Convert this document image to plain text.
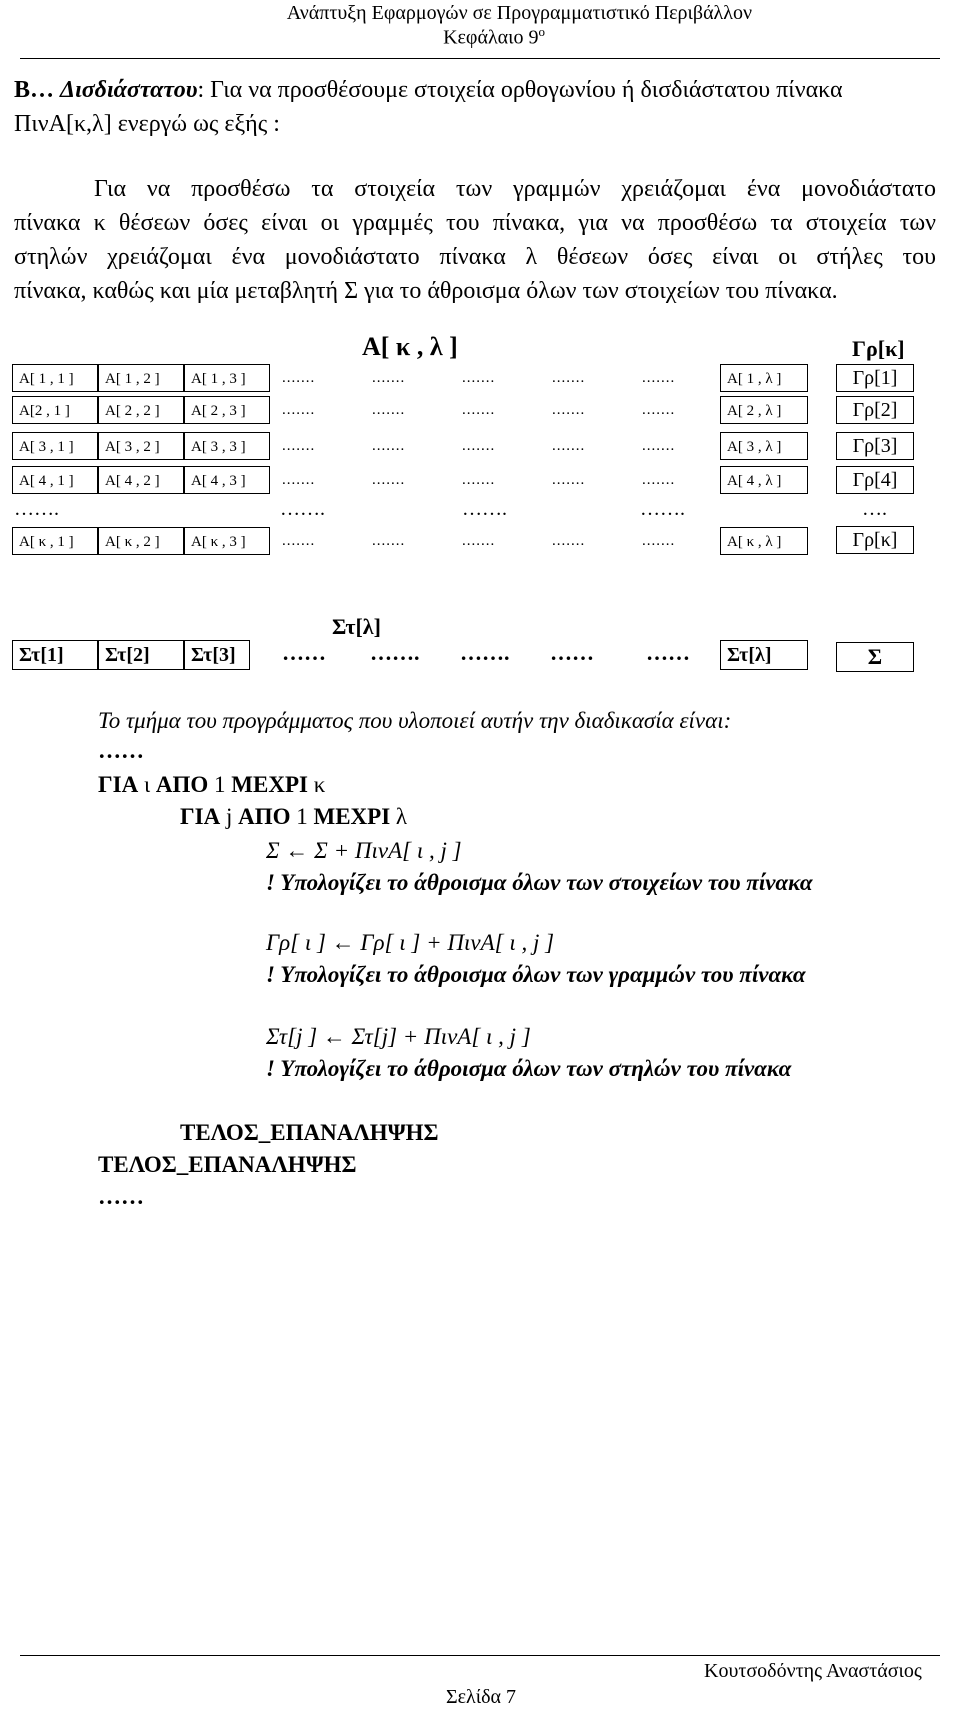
Ανάπτυξη Εφαρμογών σε Προγραμματιστικό Περιβάλλον
Κεφάλαιο $9^o$
Β… Δισδιάστατου: Για να προσθέσουμε στοιχεία ορθογωνίου ή δισδιάστατου πίνακα
ΠινΑ[κ,λ] ενεργώ ως εξής :
Για να προσθέσω τα στοιχεία των γραμμών χρειάζομαι ένα μονοδιάστατο
πίνακα κ θέσεων όσες είναι οι γραμμές του πίνακα, για να προσθέσω τα στοιχεία των
στηλών χρειάζομαι ένα μονοδιάστατο πίνακα λ θέσεων όσες είναι οι στήλες του
πίνακα, καθώς και μία μεταβλητή Σ για το άθροισμα όλων των στοιχείων του πίνακα.
Α[ κ , λ ]	Γρ[κ]
Α[ 1 , 1 ]	Α[ 1 , 2 ]	Α[ 1 , 3 ]	.......	.......	.......	.......	.......	Α[ 1 , λ ]	Γρ[1]
Α[2 , 1 ]	Α[ 2 , 2 ]	Α[ 2 , 3 ]	.......	.......	.......	.......	.......	Α[ 2 , λ ]	Γρ[2]
Α[ 3 , 1 ]	Α[ 3 , 2 ]	Α[ 3 , 3 ]	.......	.......	.......	.......	.......	Α[ 3 , λ ]	Γρ[3]
Α[ 4 , 1 ]	Α[ 4 , 2 ]	Α[ 4 , 3 ]	.......	.......	.......	.......	.......	Α[ 4 , λ ]	Γρ[4]
…….	…….	…….	…….	….
Α[ κ , 1 ]	Α[ κ , 2 ]	Α[ κ , 3 ]	.......	.......	.......	.......	.......	Α[ κ , λ ]	Γρ[κ]
Στ[λ]
Στ[1]	Στ[2]	Στ[3]	…… ……. ……. …… ……	Στ[λ]	Σ
Το τμήμα του προγράμματος που υλοποιεί αυτήν την διαδικασία είναι:
……
ΓΙΑ ι ΑΠΟ 1 ΜΕΧΡΙ κ
ΓΙΑ j ΑΠΟ 1 ΜΕΧΡΙ λ
Σ ← Σ + ΠινΑ[ ι , j ]
! Υπολογίζει το άθροισμα όλων των στοιχείων του πίνακα
Γρ[ ι ] ← Γρ[ ι ] + ΠινΑ[ ι , j ]
! Υπολογίζει το άθροισμα όλων των γραμμών του πίνακα
Στ[j ] ← Στ[j] + ΠινΑ[ ι , j ]
! Υπολογίζει το άθροισμα όλων των στηλών του πίνακα
ΤΕΛΟΣ_ΕΠΑΝΑΛΗΨΗΣ
ΤΕΛΟΣ_ΕΠΑΝΑΛΗΨΗΣ
……
Κουτσοδόντης Αναστάσιος
Σελίδα 7
